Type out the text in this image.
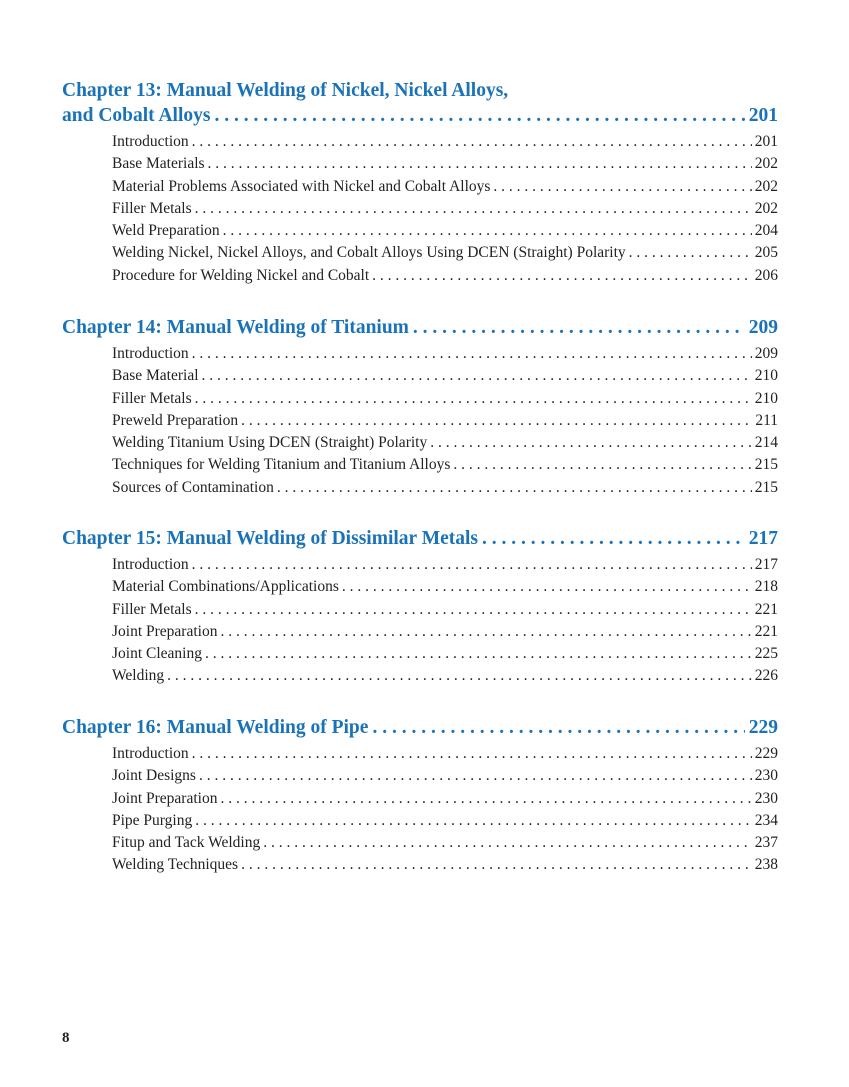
Chapter 13: Manual Welding of Nickel, Nickel Alloys,
and Cobalt Alloys . . .	201
Introduction . . .	201
Base Materials . . .	202
Material Problems Associated with Nickel and Cobalt Alloys . . .	202
Filler Metals . . .	202
Weld Preparation . . .	204
Welding Nickel, Nickel Alloys, and Cobalt Alloys Using DCEN (Straight) Polarity . . .	205
Procedure for Welding Nickel and Cobalt . . .	206
Chapter 14: Manual Welding of Titanium . . .	209
Introduction . . .	209
Base Material . . .	210
Filler Metals . . .	210
Preweld Preparation . . .	211
Welding Titanium Using DCEN (Straight) Polarity . . .	214
Techniques for Welding Titanium and Titanium Alloys . . .	215
Sources of Contamination . . .	215
Chapter 15: Manual Welding of Dissimilar Metals . . .	217
Introduction . . .	217
Material Combinations/Applications . . .	218
Filler Metals . . .	221
Joint Preparation . . .	221
Joint Cleaning . . .	225
Welding . . .	226
Chapter 16: Manual Welding of Pipe . . .	229
Introduction . . .	229
Joint Designs . . .	230
Joint Preparation . . .	230
Pipe Purging . . .	234
Fitup and Tack Welding . . .	237
Welding Techniques . . .	238
8
